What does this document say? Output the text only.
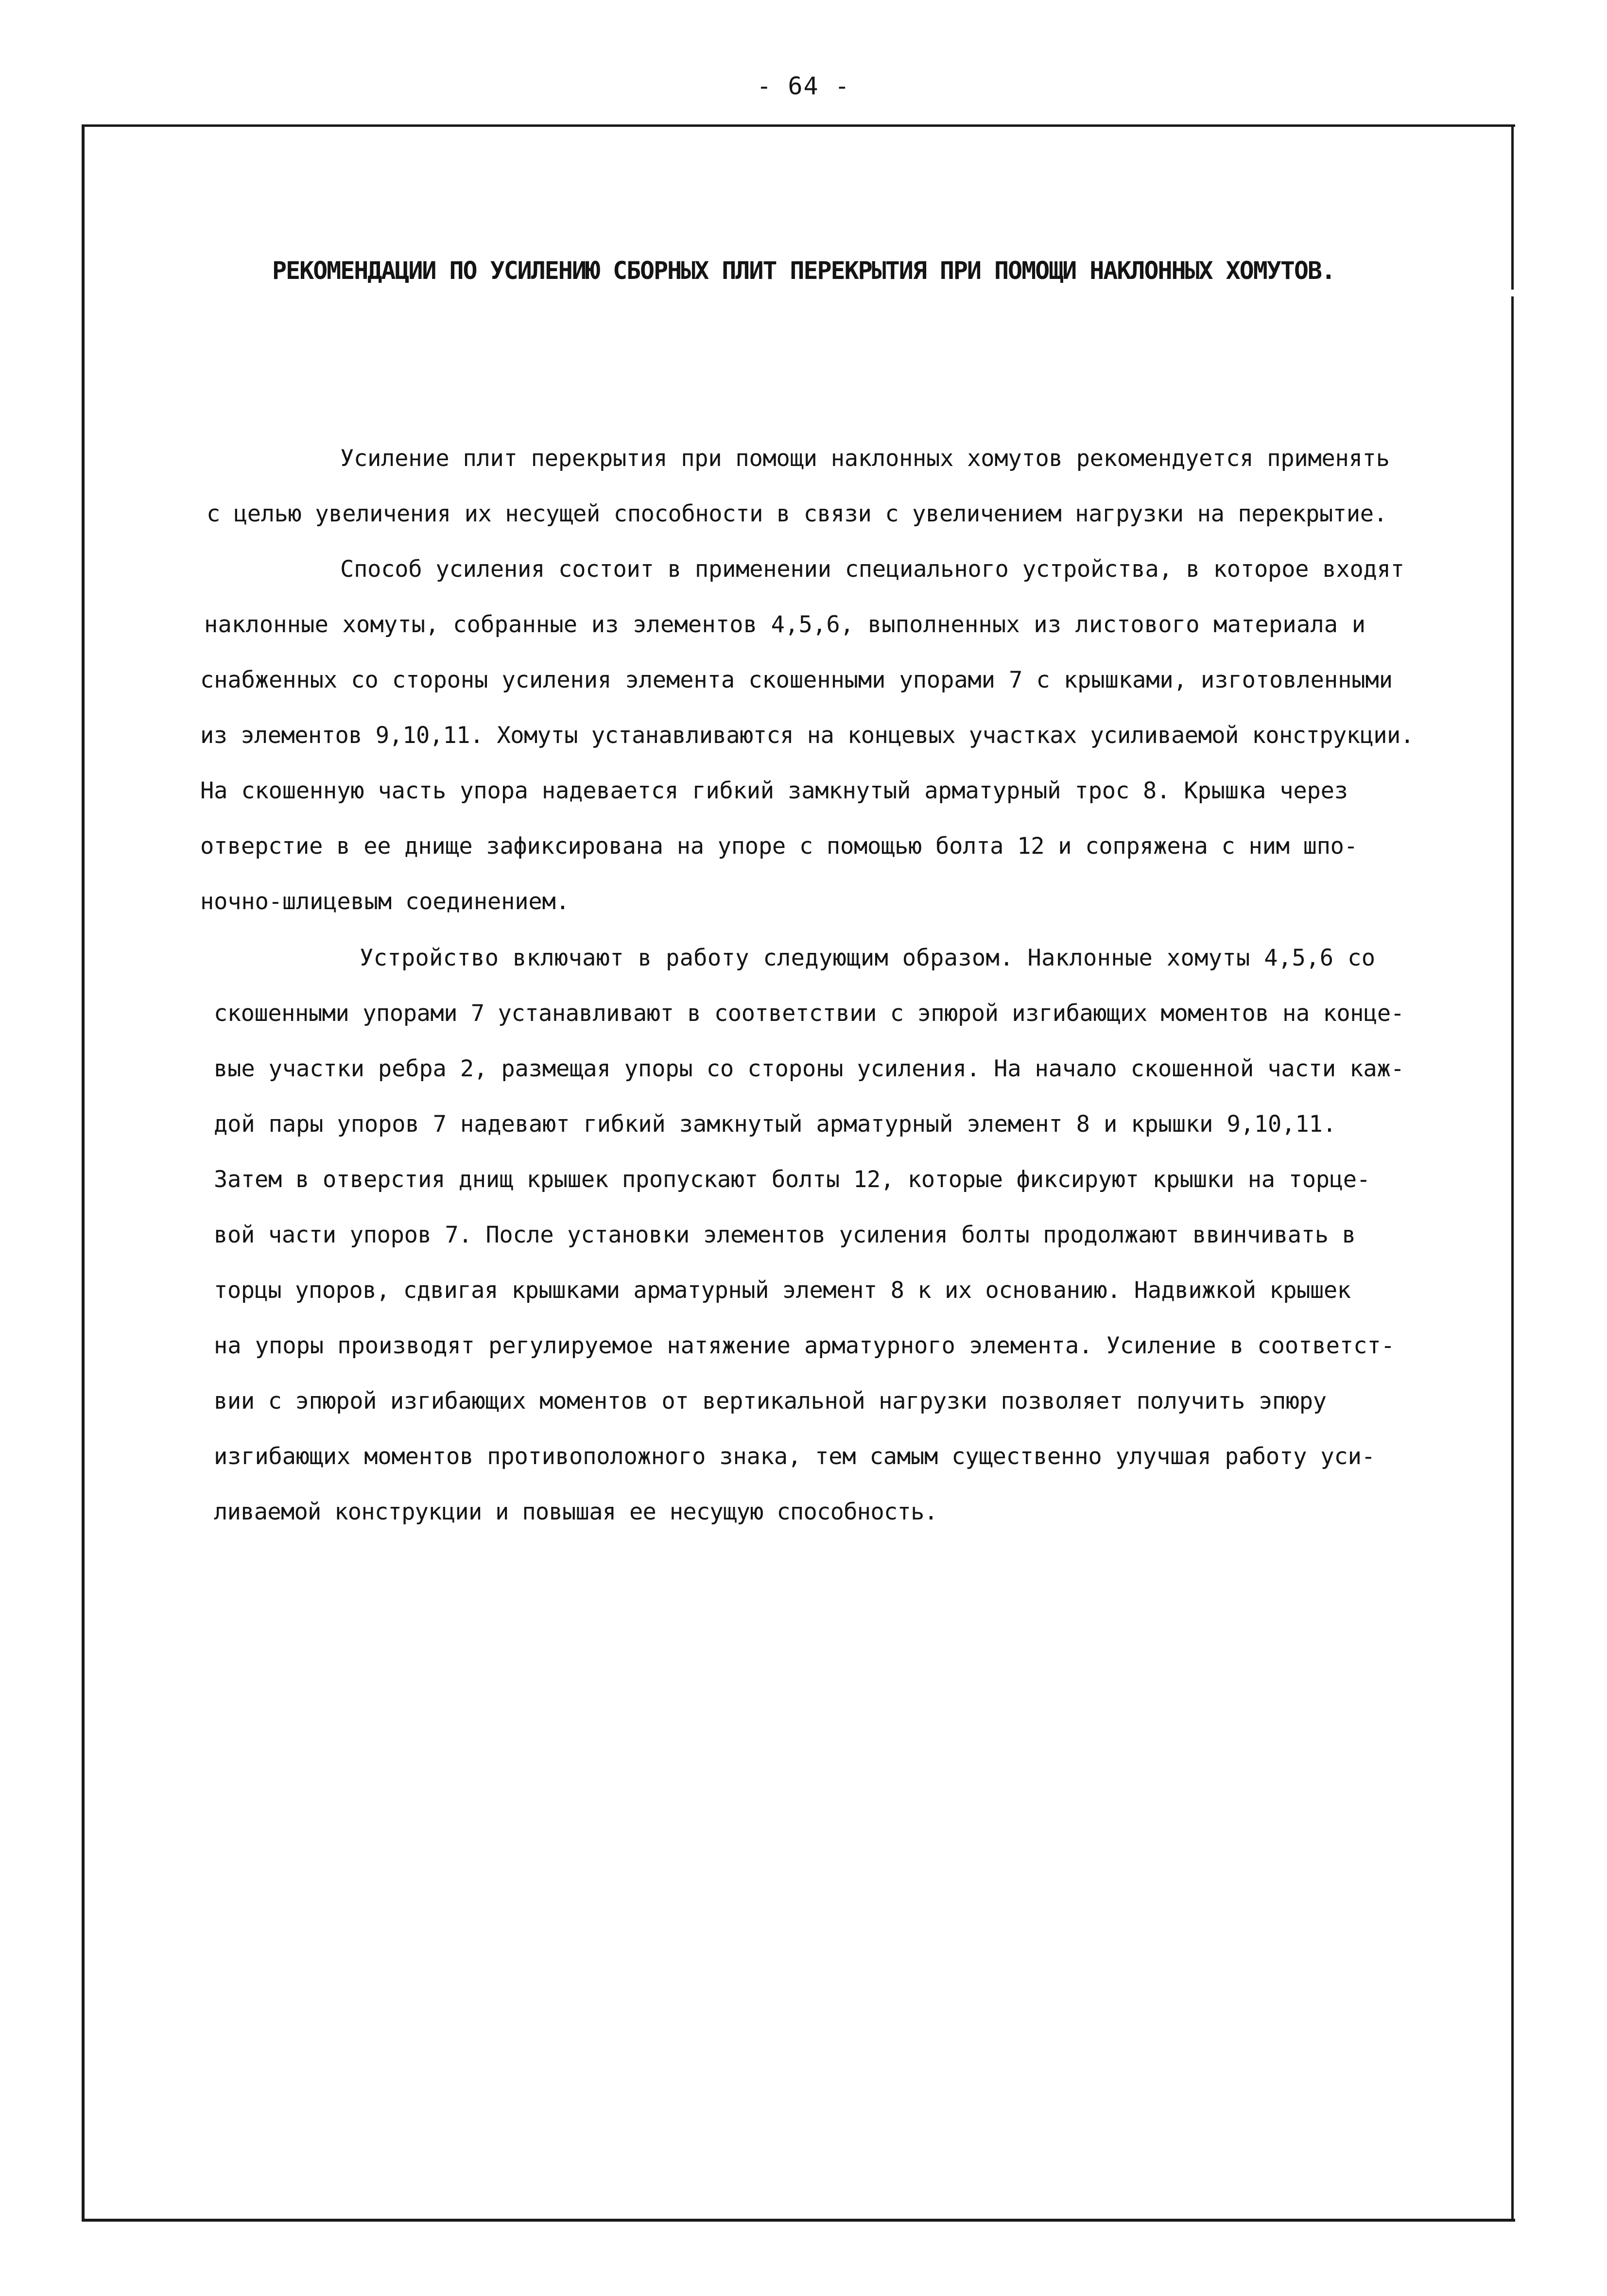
- 64 -
РЕКОМЕНДАЦИИ ПО УСИЛЕНИЮ СБОРНЫХ ПЛИТ ПЕРЕКРЫТИЯ ПРИ ПОМОЩИ НАКЛОННЫХ ХОМУТОВ.
Усиление плит перекрытия при помощи наклонных хомутов рекомендуется применять
с целью увеличения их несущей способности в связи с увеличением нагрузки на перекрытие.
Способ усиления состоит в применении специального устройства, в которое входят
наклонные хомуты, собранные из элементов 4,5,6, выполненных из листового материала и
снабженных со стороны усиления элемента скошенными упорами 7 с крышками, изготовленными
из элементов 9,10,11. Хомуты устанавливаются на концевых участках усиливаемой конструкции.
На скошенную часть упора надевается гибкий замкнутый арматурный трос 8. Крышка через
отверстие в ее днище зафиксирована на упоре с помощью болта 12 и сопряжена с ним шпо-
ночно-шлицевым соединением.
Устройство включают в работу следующим образом. Наклонные хомуты 4,5,6 со
скошенными упорами 7 устанавливают в соответствии с эпюрой изгибающих моментов на конце-
вые участки ребра 2, размещая упоры со стороны усиления. На начало скошенной части каж-
дой пары упоров 7 надевают гибкий замкнутый арматурный элемент 8 и крышки 9,10,11.
Затем в отверстия днищ крышек пропускают болты 12, которые фиксируют крышки на торце-
вой части упоров 7. После установки элементов усиления болты продолжают ввинчивать в
торцы упоров, сдвигая крышками арматурный элемент 8 к их основанию. Надвижкой крышек
на упоры производят регулируемое натяжение арматурного элемента. Усиление в соответст-
вии с эпюрой изгибающих моментов от вертикальной нагрузки позволяет получить эпюру
изгибающих моментов противоположного знака, тем самым существенно улучшая работу уси-
ливаемой конструкции и повышая ее несущую способность.
